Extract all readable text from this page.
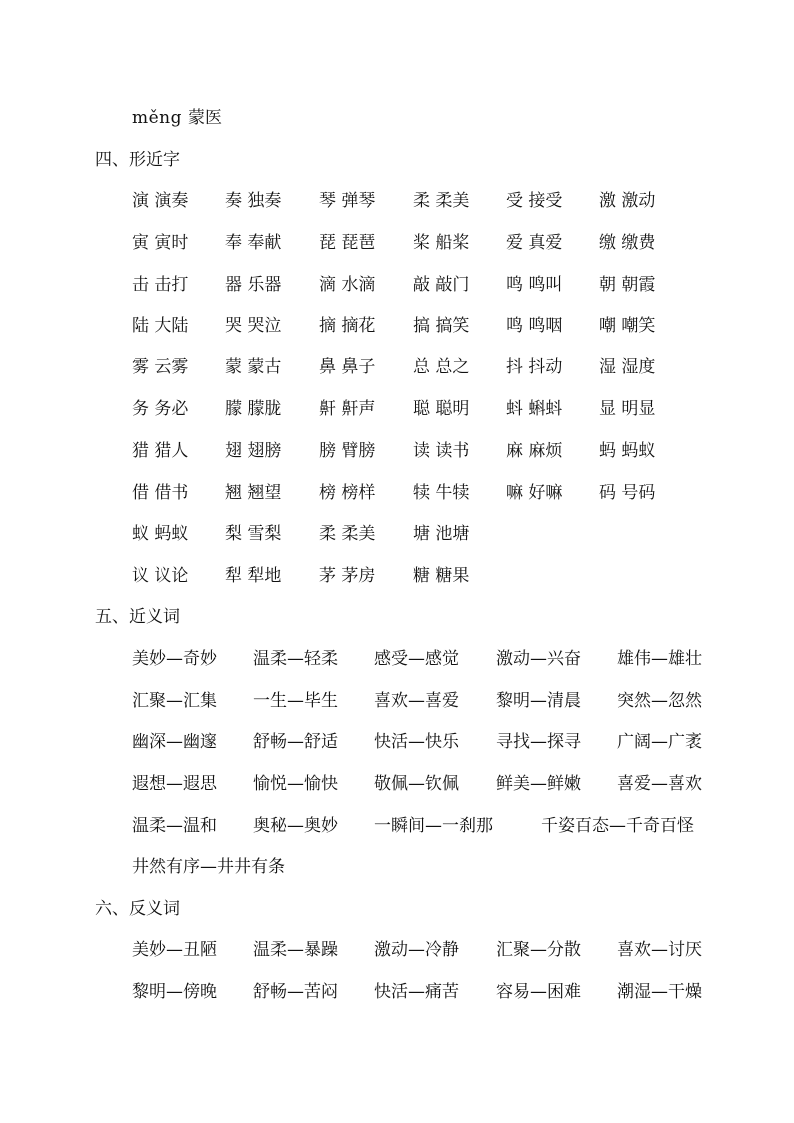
měng 蒙医
四、形近字
演 演奏 奏 独奏 琴 弹琴 柔 柔美 受 接受 激 激动
寅 寅时 奉 奉献 琵 琵琶 桨 船桨 爱 真爱 缴 缴费
击 击打 器 乐器 滴 水滴 敲 敲门 鸣 鸣叫 朝 朝霞
陆 大陆 哭 哭泣 摘 摘花 搞 搞笑 鸣 鸣咽 嘲 嘲笑
雾 云雾 蒙 蒙古 鼻 鼻子 总 总之 抖 抖动 湿 湿度
务 务必 朦 朦胧 鼾 鼾声 聪 聪明 蚪 蝌蚪 显 明显
猎 猎人 翅 翅膀 膀 臂膀 读 读书 麻 麻烦 蚂 蚂蚁
借 借书 翘 翘望 榜 榜样 犊 牛犊 嘛 好嘛 码 号码
蚁 蚂蚁 梨 雪梨 柔 柔美 塘 池塘
议 议论 犁 犁地 茅 茅房 糖 糖果
五、近义词
美妙—奇妙 温柔—轻柔 感受—感觉 激动—兴奋 雄伟—雄壮
汇聚—汇集 一生—毕生 喜欢—喜爱 黎明—清晨 突然—忽然
幽深—幽邃 舒畅—舒适 快活—快乐 寻找—探寻 广阔—广袤
遐想—遐思 愉悦—愉快 敬佩—钦佩 鲜美—鲜嫩 喜爱—喜欢
温柔—温和 奥秘—奥妙 一瞬间—一刹那	千姿百态—千奇百怪
井然有序—井井有条
六、反义词
美妙—丑陋 温柔—暴躁 激动—冷静 汇聚—分散 喜欢—讨厌
黎明—傍晚 舒畅—苦闷 快活—痛苦 容易—困难 潮湿—干燥
